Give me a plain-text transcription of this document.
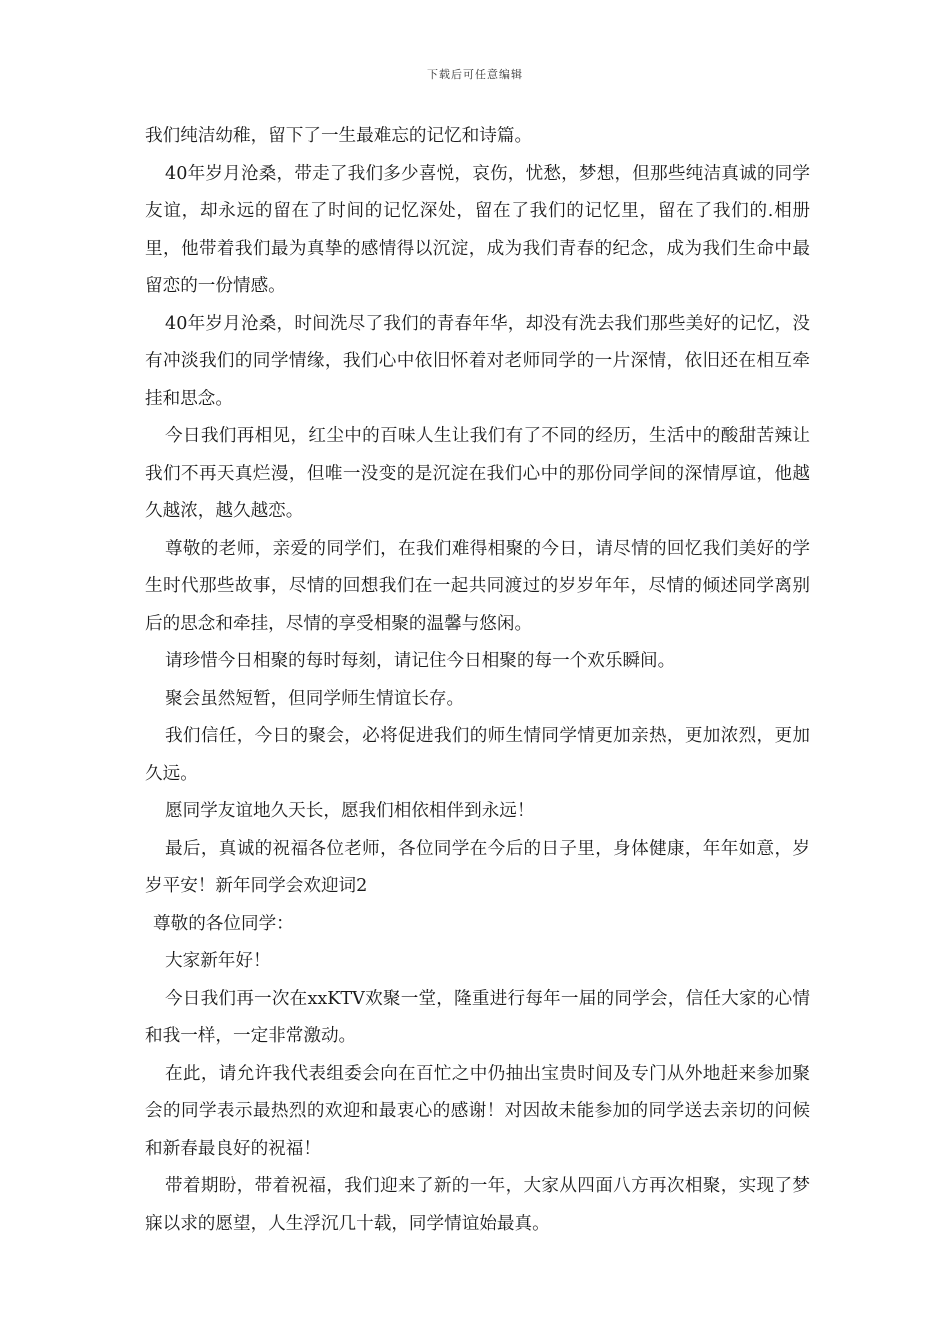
下载后可任意编辑

我们纯洁幼稚，留下了一生最难忘的记忆和诗篇。

40年岁月沧桑，带走了我们多少喜悦，哀伤，忧愁，梦想，但那些纯洁真诚的同学友谊，却永远的留在了时间的记忆深处，留在了我们的记忆里，留在了我们的.相册里，他带着我们最为真挚的感情得以沉淀，成为我们青春的纪念，成为我们生命中最留恋的一份情感。

40年岁月沧桑，时间洗尽了我们的青春年华，却没有洗去我们那些美好的记忆，没有冲淡我们的同学情缘，我们心中依旧怀着对老师同学的一片深情，依旧还在相互牵挂和思念。

今日我们再相见，红尘中的百味人生让我们有了不同的经历，生活中的酸甜苦辣让我们不再天真烂漫，但唯一没变的是沉淀在我们心中的那份同学间的深情厚谊，他越久越浓，越久越恋。

尊敬的老师，亲爱的同学们，在我们难得相聚的今日，请尽情的回忆我们美好的学生时代那些故事，尽情的回想我们在一起共同渡过的岁岁年年，尽情的倾述同学离别后的思念和牵挂，尽情的享受相聚的温馨与悠闲。

请珍惜今日相聚的每时每刻，请记住今日相聚的每一个欢乐瞬间。

聚会虽然短暂，但同学师生情谊长存。

我们信任，今日的聚会，必将促进我们的师生情同学情更加亲热，更加浓烈，更加久远。

愿同学友谊地久天长，愿我们相依相伴到永远！

最后，真诚的祝福各位老师，各位同学在今后的日子里，身体健康，年年如意，岁岁平安！新年同学会欢迎词2

尊敬的各位同学：

大家新年好！

今日我们再一次在xxKTV欢聚一堂，隆重进行每年一届的同学会，信任大家的心情和我一样，一定非常激动。

在此，请允许我代表组委会向在百忙之中仍抽出宝贵时间及专门从外地赶来参加聚会的同学表示最热烈的欢迎和最衷心的感谢！对因故未能参加的同学送去亲切的问候和新春最良好的祝福！

带着期盼，带着祝福，我们迎来了新的一年，大家从四面八方再次相聚，实现了梦寐以求的愿望，人生浮沉几十载，同学情谊始最真。
